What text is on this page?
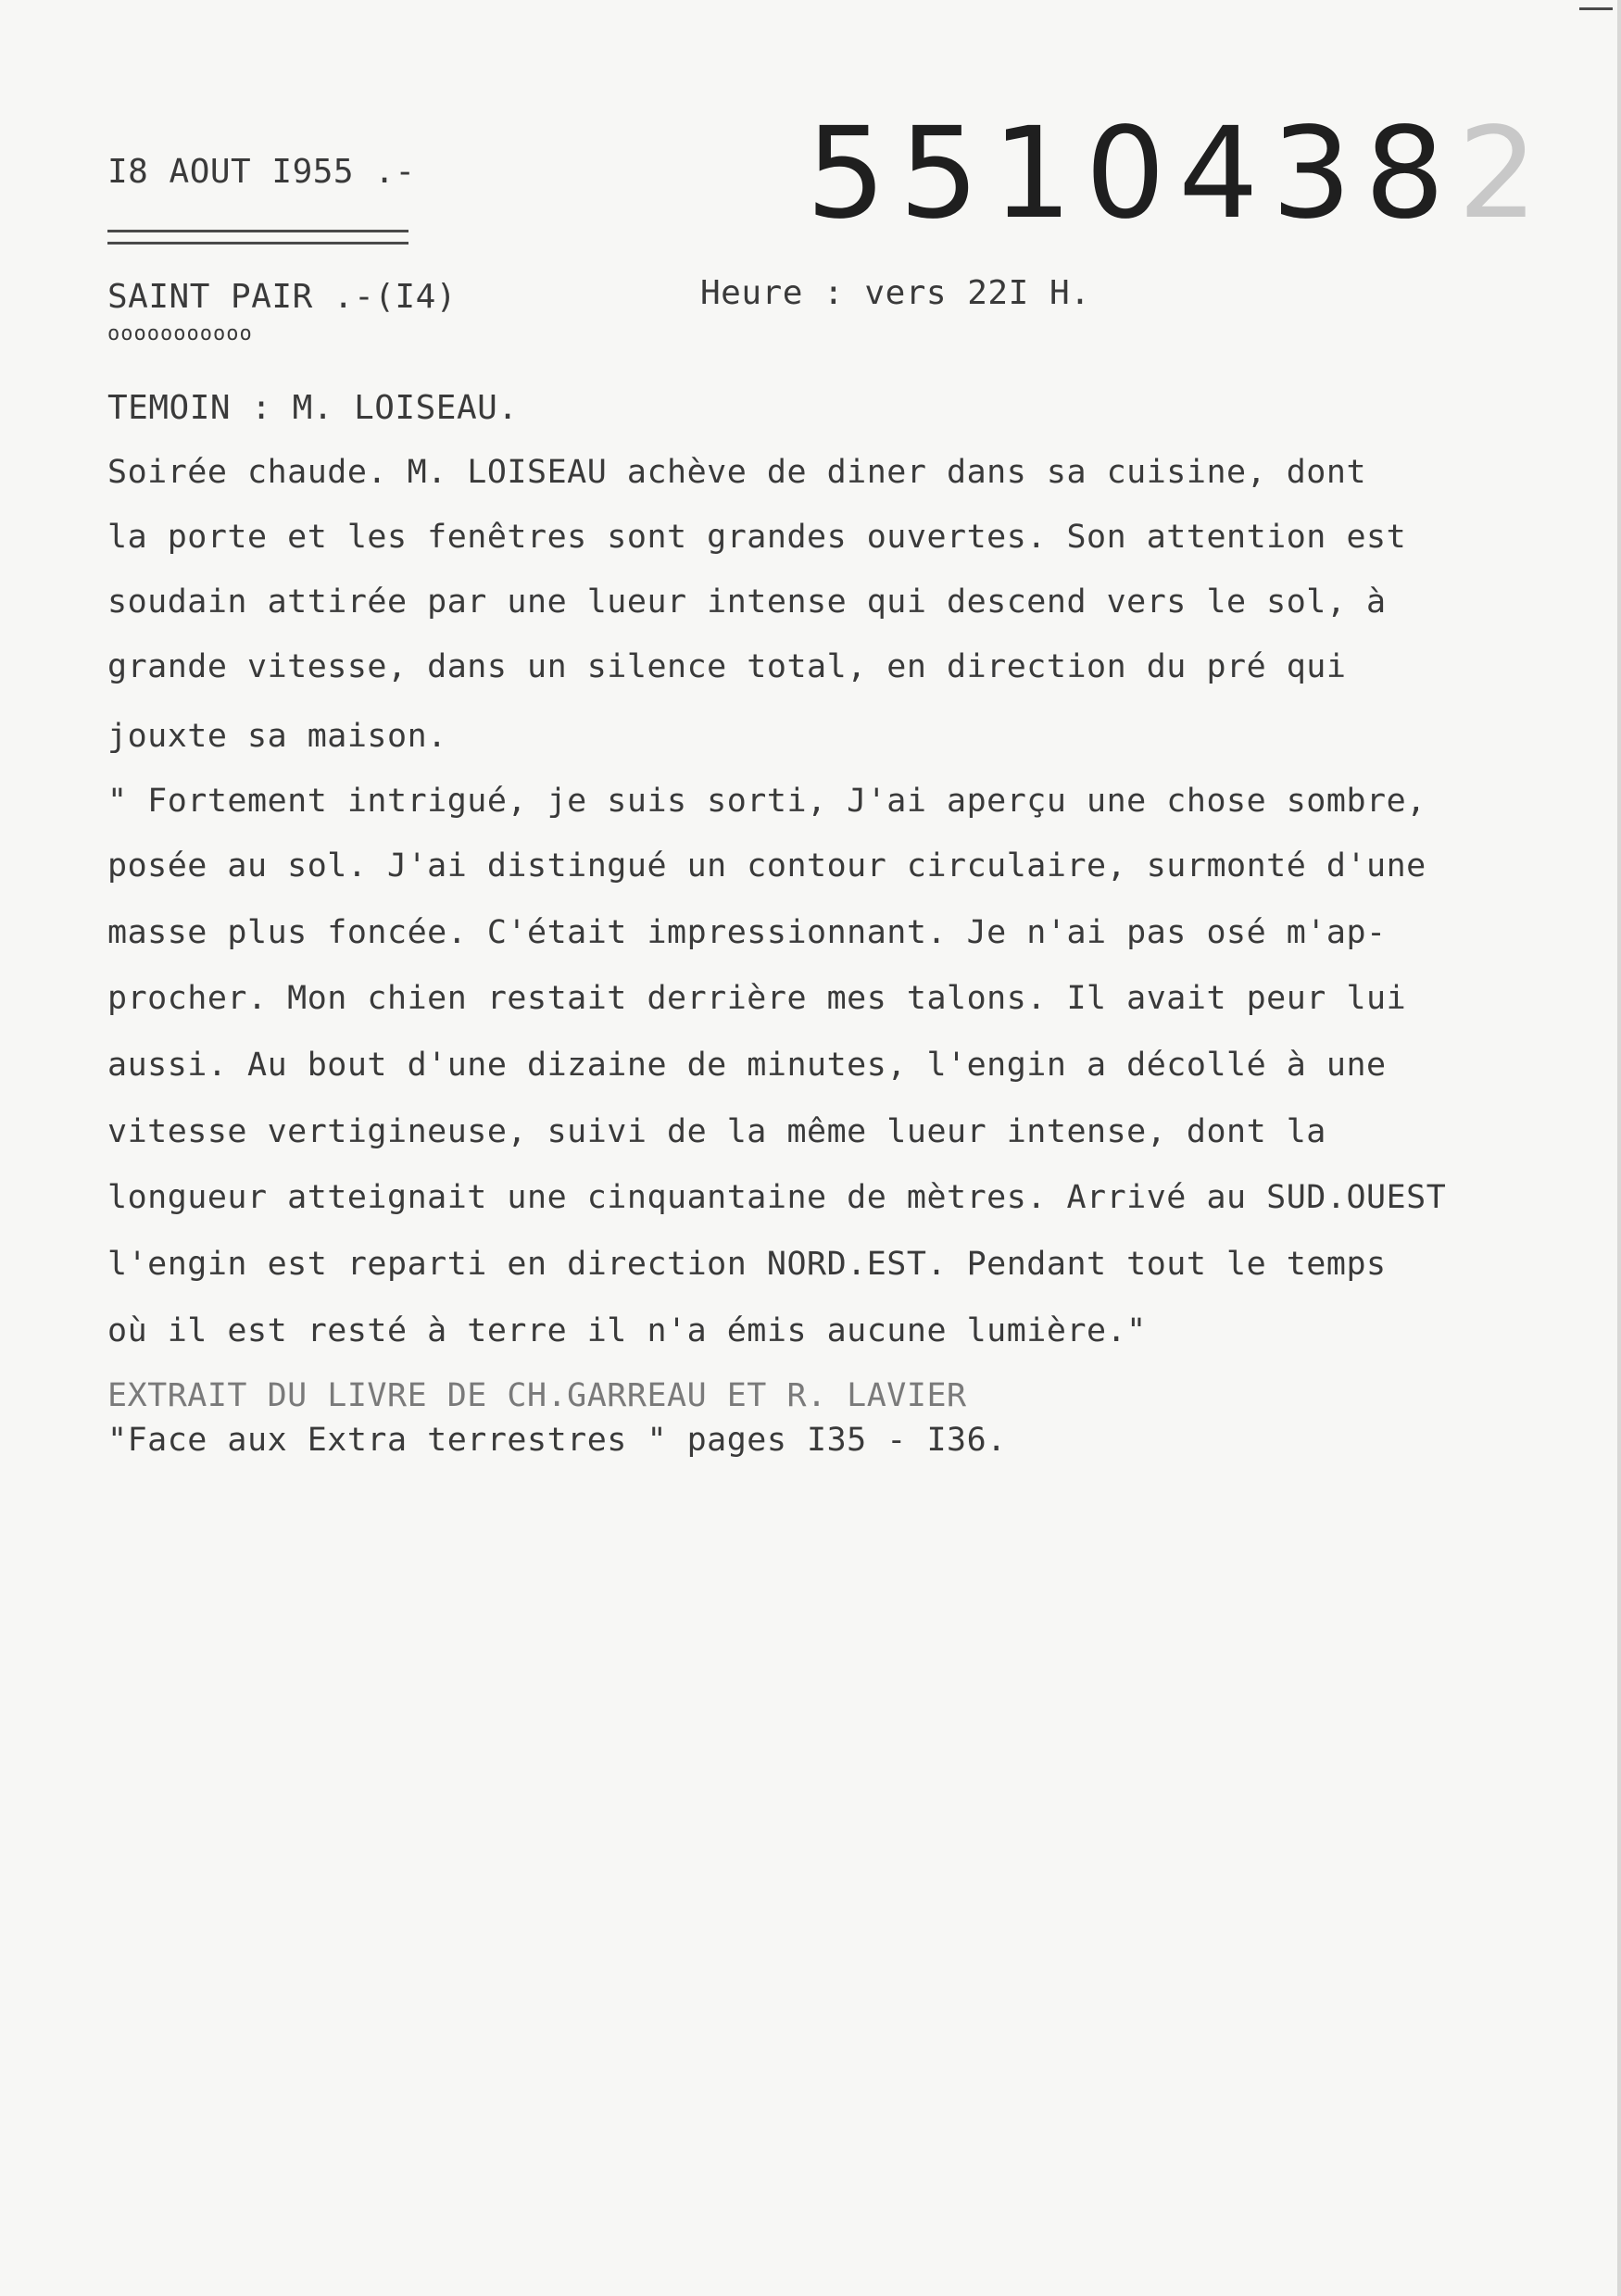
I8 AOUT I955 .-	55104382
SAINT PAIR .-(I4)
ooooooooooo
Heure : vers 22I H.
TEMOIN : M. LOISEAU.
Soirée chaude. M. LOISEAU achève de diner dans sa cuisine, dont
la porte et les fenêtres sont grandes ouvertes. Son attention est
soudain attirée par une lueur intense qui descend vers le sol, à
grande vitesse, dans un silence total, en direction du pré qui
jouxte sa maison.
" Fortement intrigué, je suis sorti, J'ai aperçu une chose sombre,
posée au sol. J'ai distingué un contour circulaire, surmonté d'une
masse plus foncée. C'était impressionnant. Je n'ai pas osé m'ap-
procher. Mon chien restait derrière mes talons. Il avait peur lui
aussi. Au bout d'une dizaine de minutes, l'engin a décollé à une
vitesse vertigineuse, suivi de la même lueur intense, dont la
longueur atteignait une cinquantaine de mètres. Arrivé au SUD.OUEST
l'engin est reparti en direction NORD.EST. Pendant tout le temps
où il est resté à terre il n'a émis aucune lumière."
EXTRAIT DU LIVRE DE CH.GARREAU ET R. LAVIER
"Face aux Extra terrestres " pages I35 - I36.
